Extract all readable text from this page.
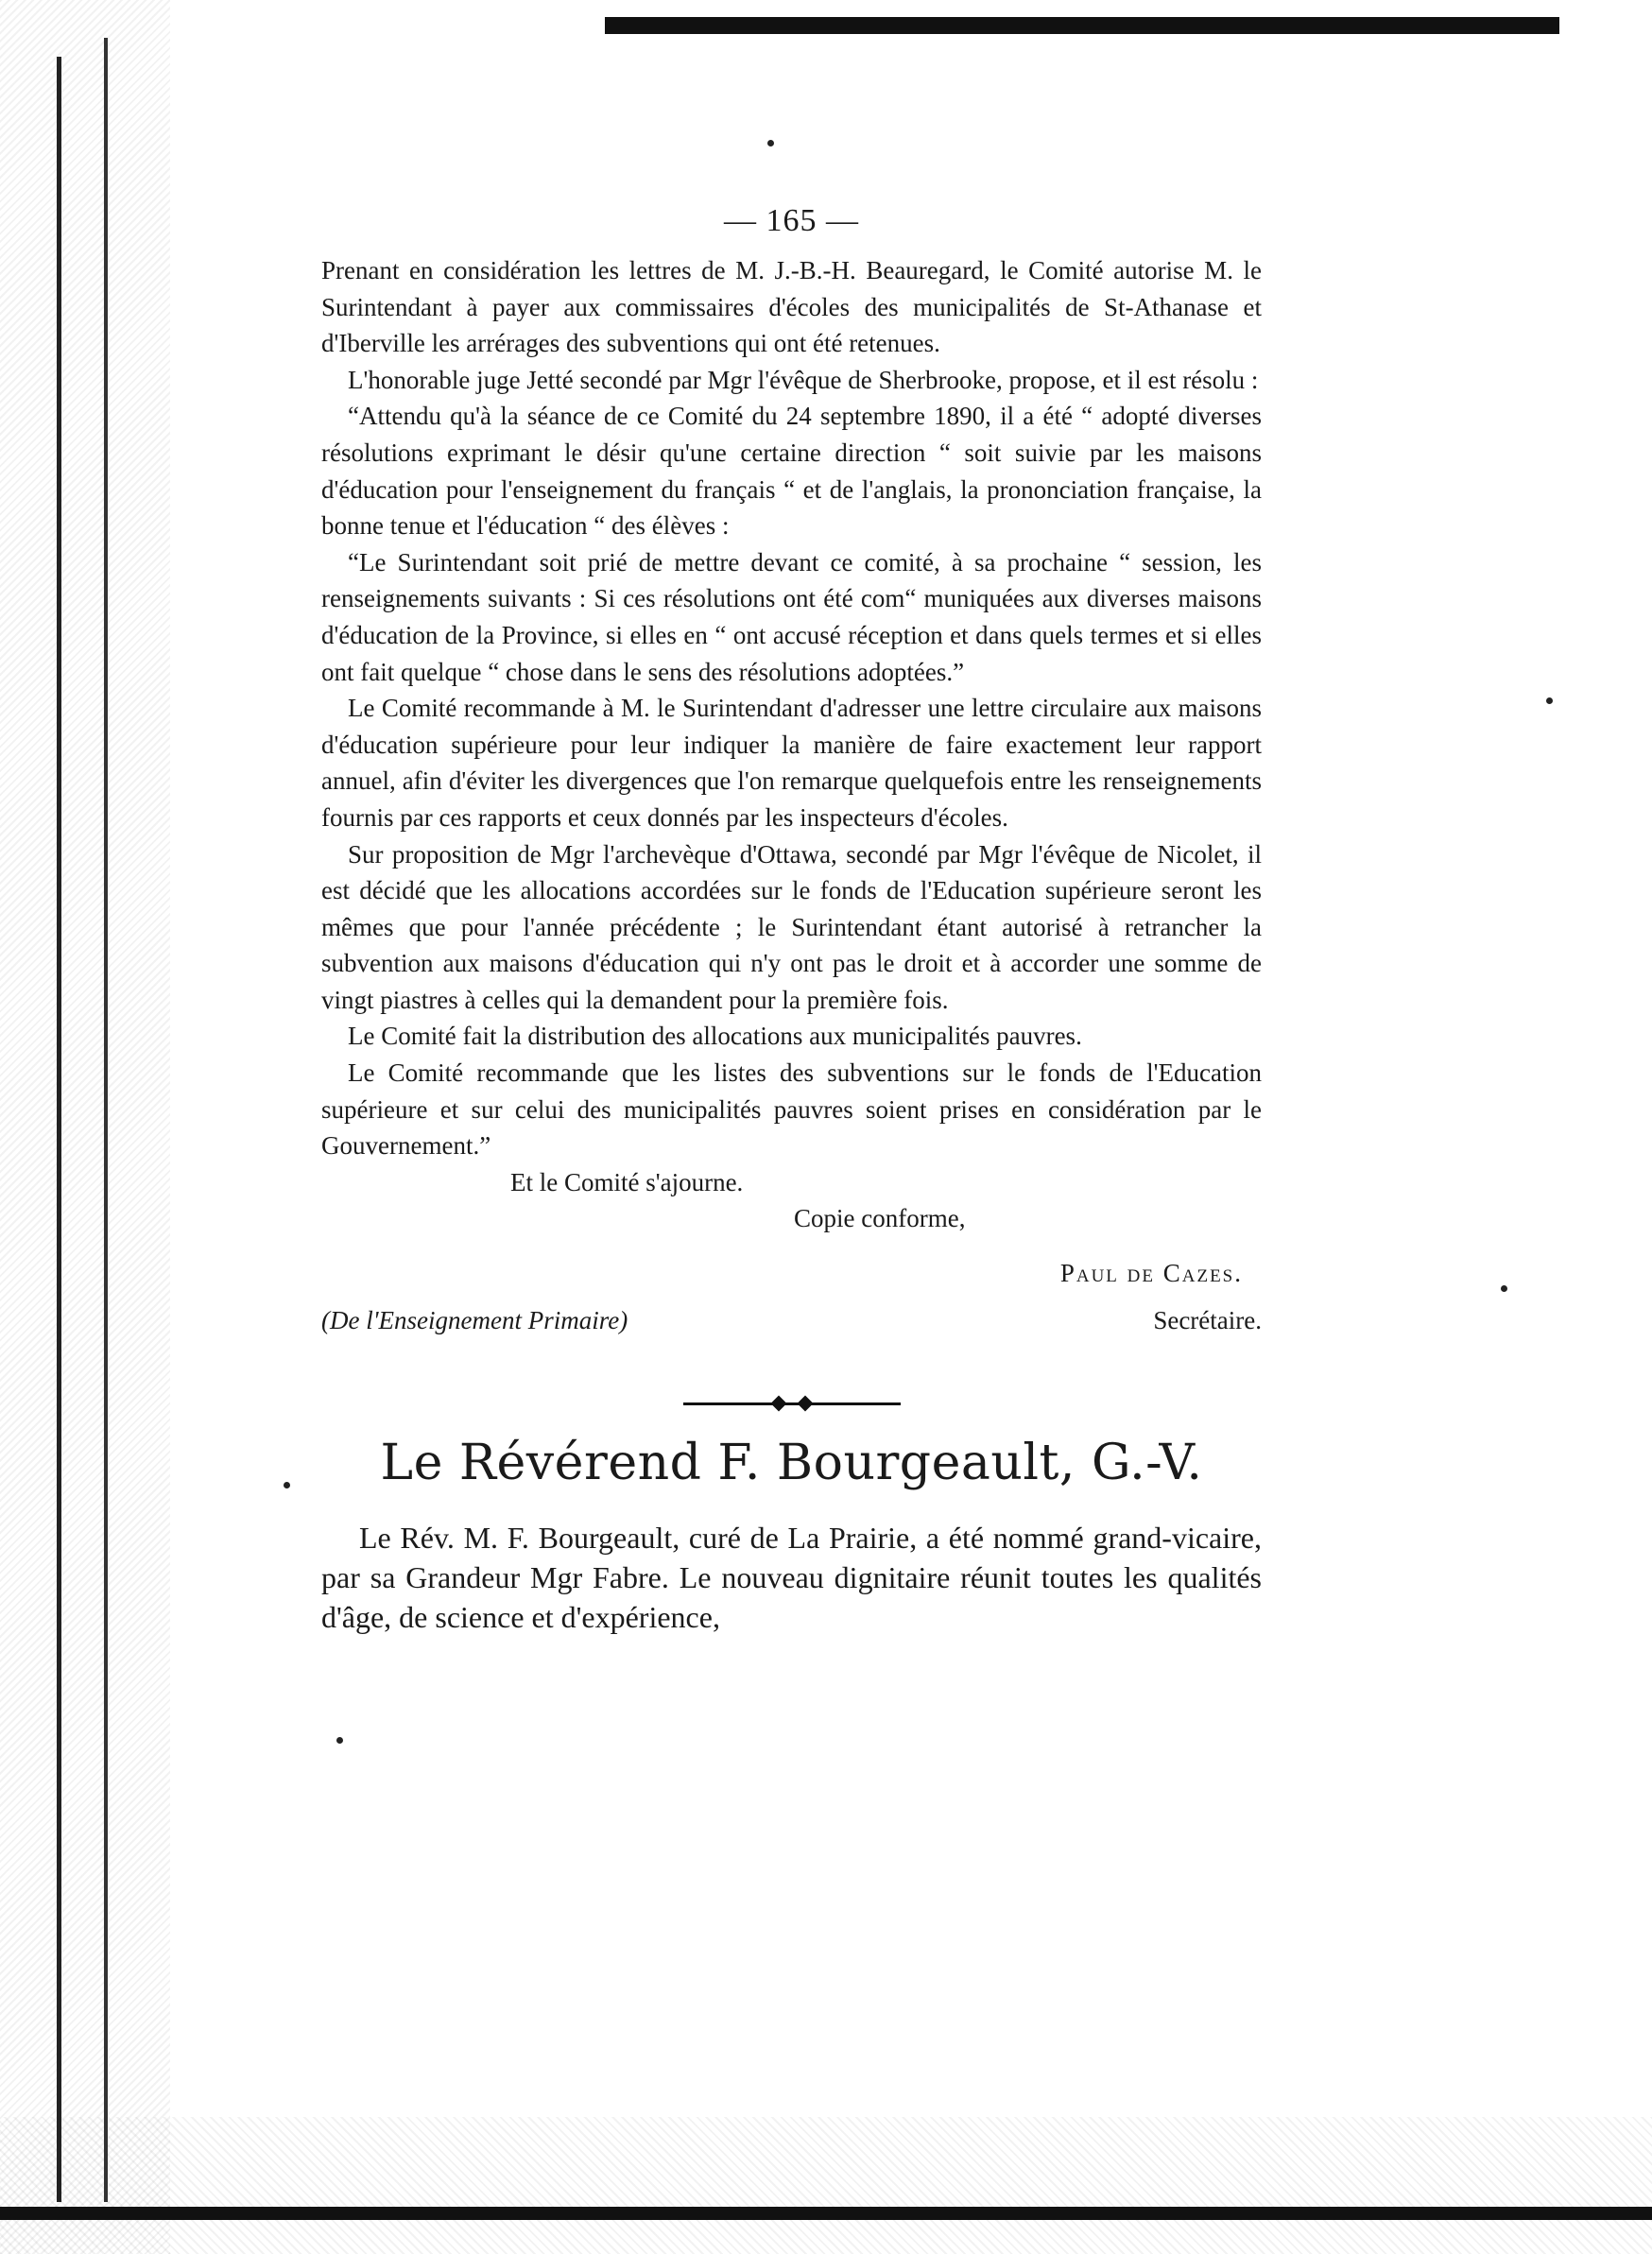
— 165 —

Prenant en considération les lettres de M. J.-B.-H. Beauregard, le Comité autorise M. le Surintendant à payer aux commissaires d'écoles des municipalités de St-Athanase et d'Iberville les arrérages des subventions qui ont été retenues.

L'honorable juge Jetté secondé par Mgr l'évêque de Sherbrooke, propose, et il est résolu :

“Attendu qu'à la séance de ce Comité du 24 septembre 1890, il a été “ adopté diverses résolutions exprimant le désir qu'une certaine direction “ soit suivie par les maisons d'éducation pour l'enseignement du français “ et de l'anglais, la prononciation française, la bonne tenue et l'éducation “ des élèves :

“Le Surintendant soit prié de mettre devant ce comité, à sa prochaine “ session, les renseignements suivants : Si ces résolutions ont été com“ muniquées aux diverses maisons d'éducation de la Province, si elles en “ ont accusé réception et dans quels termes et si elles ont fait quelque “ chose dans le sens des résolutions adoptées.”

Le Comité recommande à M. le Surintendant d'adresser une lettre circulaire aux maisons d'éducation supérieure pour leur indiquer la manière de faire exactement leur rapport annuel, afin d'éviter les divergences que l'on remarque quelquefois entre les renseignements fournis par ces rapports et ceux donnés par les inspecteurs d'écoles.

Sur proposition de Mgr l'archevèque d'Ottawa, secondé par Mgr l'évêque de Nicolet, il est décidé que les allocations accordées sur le fonds de l'Education supérieure seront les mêmes que pour l'année précédente ; le Surintendant étant autorisé à retrancher la subvention aux maisons d'éducation qui n'y ont pas le droit et à accorder une somme de vingt piastres à celles qui la demandent pour la première fois.

Le Comité fait la distribution des allocations aux municipalités pauvres.

Le Comité recommande que les listes des subventions sur le fonds de l'Education supérieure et sur celui des municipalités pauvres soient prises en considération par le Gouvernement.”

Et le Comité s'ajourne.
Copie conforme,
Paul de Cazes.
(De l'Enseignement Primaire)	Secrétaire.
Le Révérend F. Bourgeault, G.-V.

Le Rév. M. F. Bourgeault, curé de La Prairie, a été nommé grand-vicaire, par sa Grandeur Mgr Fabre. Le nouveau dignitaire réunit toutes les qualités d'âge, de science et d'expérience,
